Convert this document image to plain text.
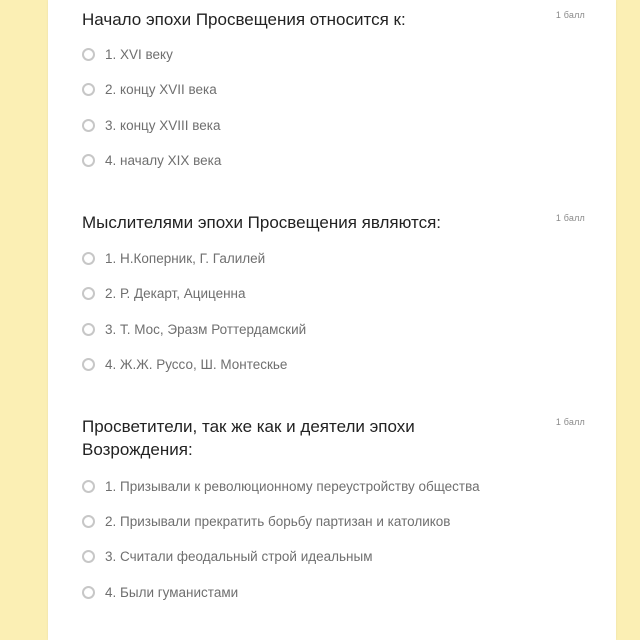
Начало эпохи Просвещения относится к:	1 балл
1. XVI веку
2. концу XVII века
3. концу XVIII века
4. началу XIX века

Мыслителями эпохи Просвещения являются:	1 балл
1. Н.Коперник, Г. Галилей
2. Р. Декарт, Ациценна
3. Т. Мос, Эразм Роттердамский
4. Ж.Ж. Руссо, Ш. Монтескье

Просветители, так же как и деятели эпохи Возрождения:

1 балл
1. Призывали к революционному переустройству общества
2. Призывали прекратить борьбу партизан и католиков
3. Считали феодальный строй идеальным
4. Были гуманистами
